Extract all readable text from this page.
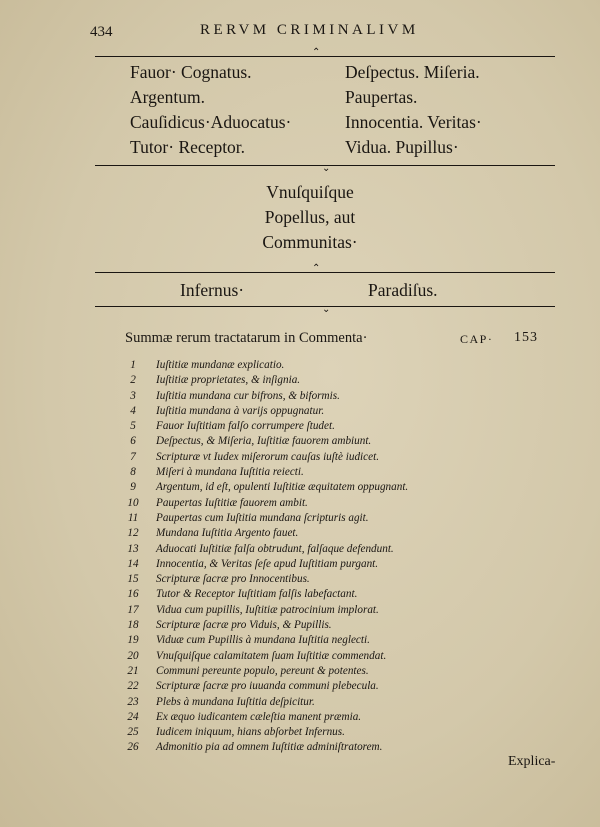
434	RERVM CRIMINALIVM
⌃
Fauor· Cognatus.	Deſpectus. Miſeria.
Argentum.	Paupertas.
Cauſidicus·Aduocatus·	Innocentia. Veritas·
Tutor· Receptor.	Vidua. Pupillus·
⌄
Vnuſquiſque
Popellus, aut
Communitas·
⌃
Infernus·	Paradiſus.
⌄
Summæ rerum tractatarum in Commenta·	CAP· 153
1	Iuſtitiæ mundanæ explicatio.
2	Iuſtitiæ proprietates, & inſignia.
3	Iuſtitia mundana cur bifrons, & biformis.
4	Iuſtitia mundana à varijs oppugnatur.
5	Fauor Iuſtitiam falſo corrumpere ſtudet.
6	Deſpectus, & Miſeria, Iuſtitiæ fauorem ambiunt.
7	Scripturæ vt Iudex miſerorum cauſas iuſtè iudicet.
8	Miſeri à mundana Iuſtitia reiecti.
9	Argentum, id eſt, opulenti Iuſtitiæ æquitatem oppugnant.
10	Paupertas Iuſtitiæ fauorem ambit.
11	Paupertas cum Iuſtitia mundana ſcripturis agit.
12	Mundana Iuſtitia Argento fauet.
13	Aduocati Iuſtitiæ falſa obtrudunt, falſaque defendunt.
14	Innocentia, & Veritas ſeſe apud Iuſtitiam purgant.
15	Scripturæ ſacræ pro Innocentibus.
16	Tutor & Receptor Iuſtitiam falſis labefactant.
17	Vidua cum pupillis, Iuſtitiæ patrocinium implorat.
18	Scripturæ ſacræ pro Viduis, & Pupillis.
19	Viduæ cum Pupillis à mundana Iuſtitia neglecti.
20	Vnuſquiſque calamitatem ſuam Iuſtitiæ commendat.
21	Communi pereunte populo, pereunt & potentes.
22	Scripturæ ſacræ pro iuuanda communi plebecula.
23	Plebs à mundana Iuſtitia deſpicitur.
24	Ex æquo iudicantem cæleſtia manent præmia.
25	Iudicem iniquum, hians abſorbet Infernus.
26	Admonitio pia ad omnem Iuſtitiæ adminiſtratorem.
Explica-
